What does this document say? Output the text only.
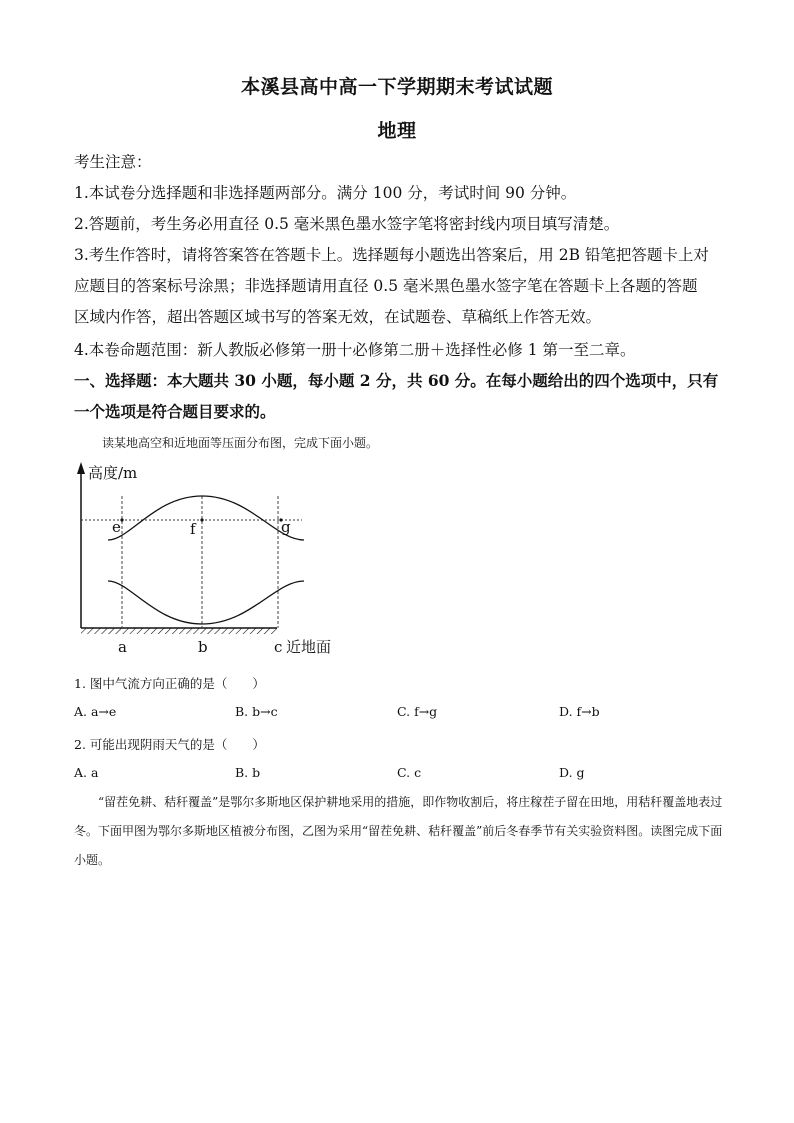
本溪县高中高一下学期期末考试试题
地理
考生注意：
1.本试卷分选择题和非选择题两部分。满分 100 分，考试时间 90 分钟。
2.答题前，考生务必用直径 0.5 毫米黑色墨水签字笔将密封线内项目填写清楚。
3.考生作答时，请将答案答在答题卡上。选择题每小题选出答案后，用 2B 铅笔把答题卡上对
应题目的答案标号涂黑；非选择题请用直径 0.5 毫米黑色墨水签字笔在答题卡上各题的答题
区域内作答，超出答题区域书写的答案无效，在试题卷、草稿纸上作答无效。
4.本卷命题范围：新人教版必修第一册十必修第二册＋选择性必修 1 第一至二章。
一、选择题：本大题共 30 小题，每小题 2 分，共 60 分。在每小题给出的四个选项中，只有
一个选项是符合题目要求的。
读某地高空和近地面等压面分布图，完成下面小题。
高度/m
e	f	g
a	b	c 近地面
1. 图中气流方向正确的是（　　）
A. a→e	B. b→c	C. f→g	D. f→b
2. 可能出现阴雨天气的是（　　）
A. a	B. b	C. c	D. g
“留茬免耕、秸秆覆盖”是鄂尔多斯地区保护耕地采用的措施，即作物收割后，将庄稼茬子留在田地，用秸秆覆盖地表过冬。下面甲图为鄂尔多斯地区植被分布图，乙图为采用“留茬免耕、秸秆覆盖”前后冬春季节有关实验资料图。读图完成下面小题。
